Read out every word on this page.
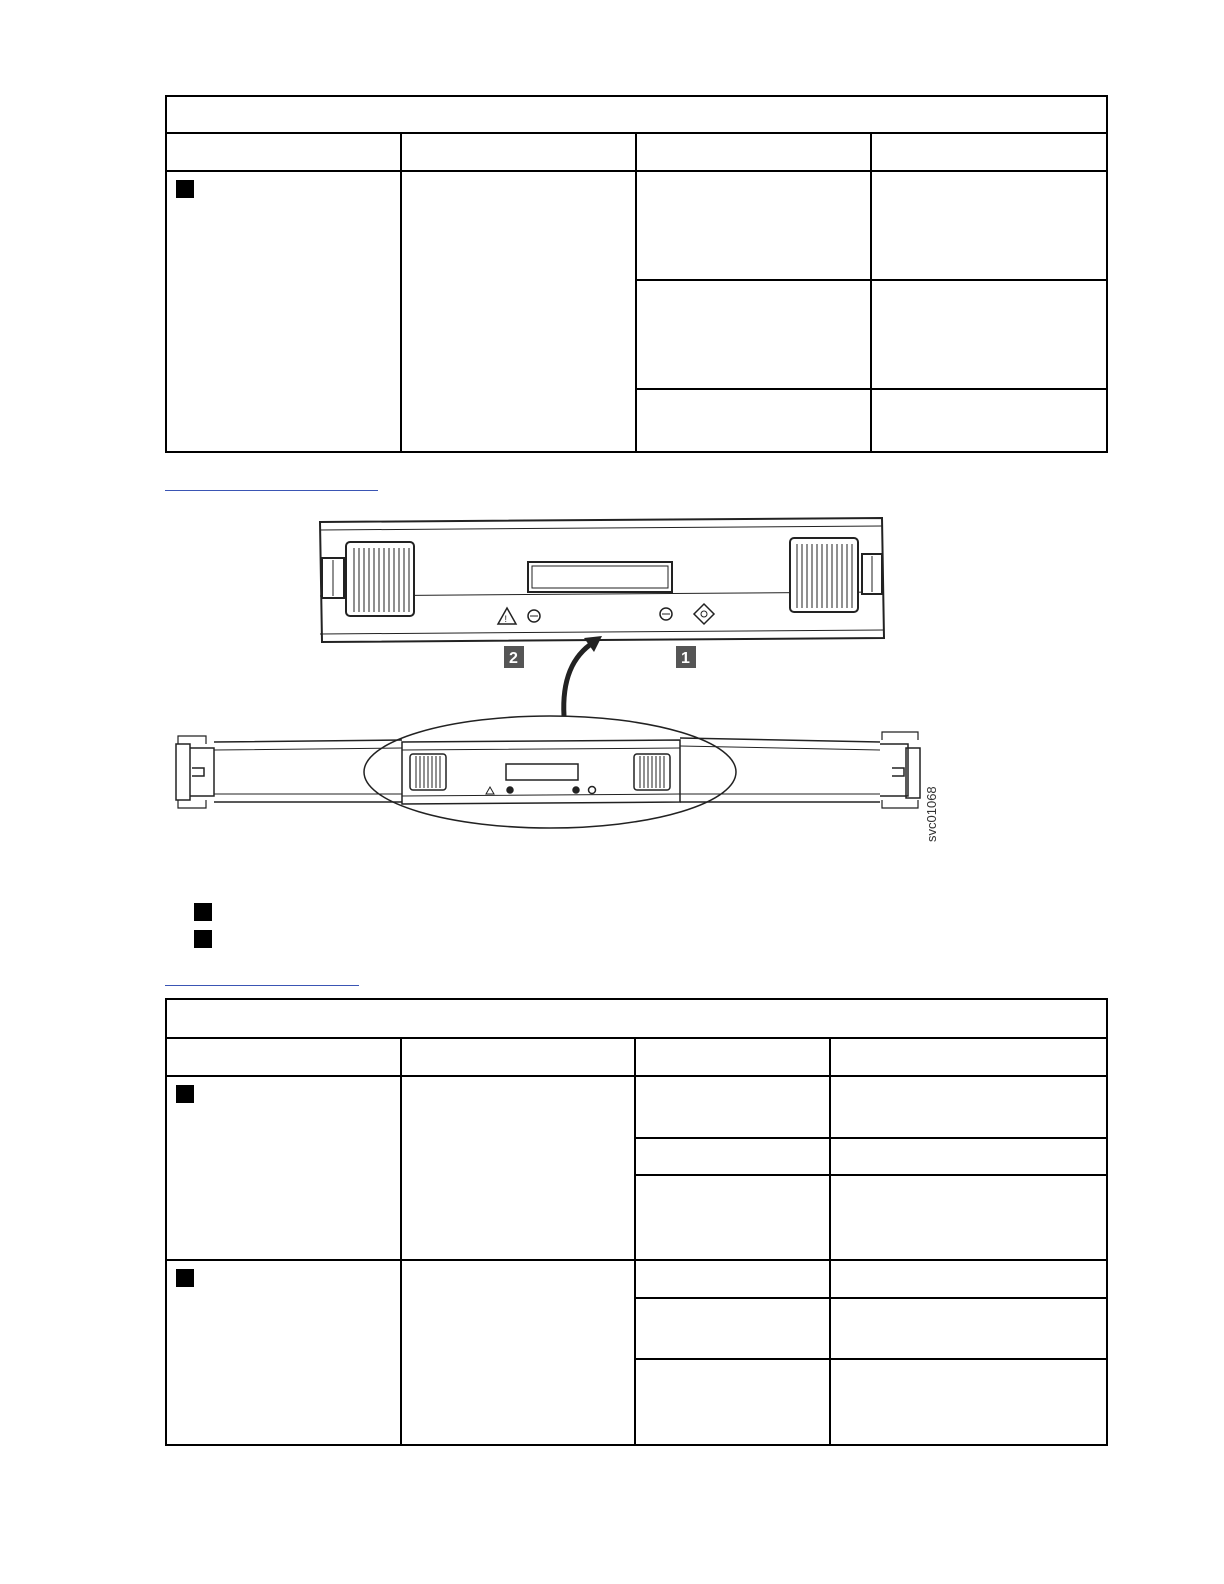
!
2	1
svc01068
